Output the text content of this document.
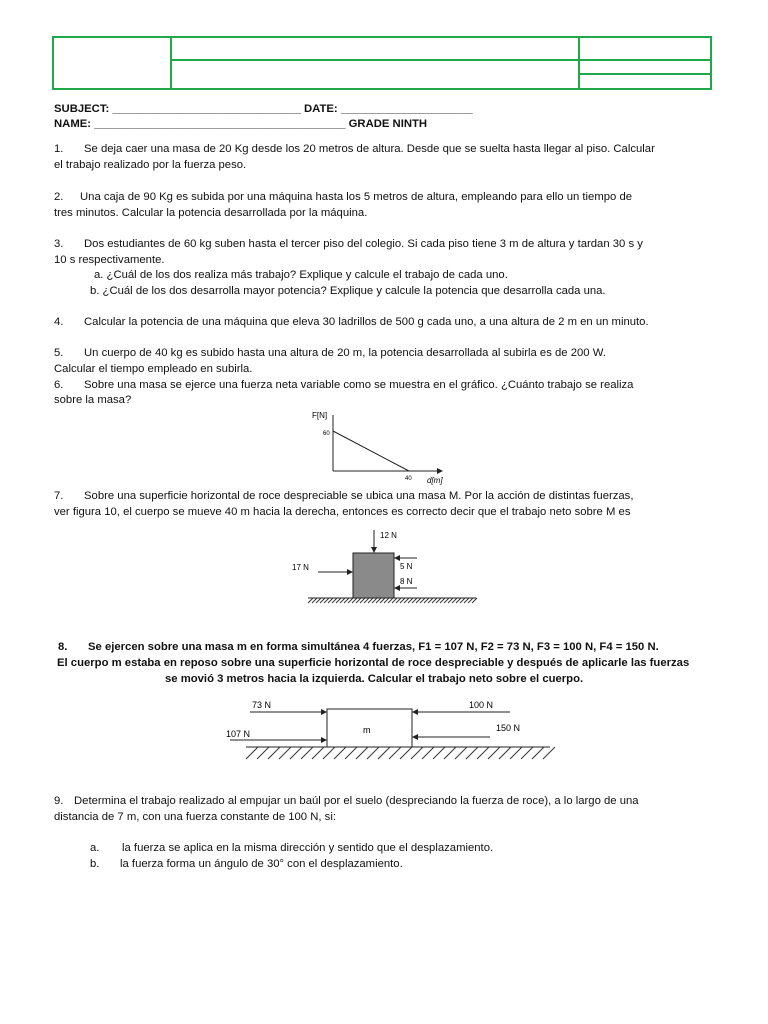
SUBJECT: ______________________________ DATE: _____________________
NAME: ________________________________________ GRADE NINTH
1. Se deja caer una masa de 20 Kg desde los 20 metros de altura. Desde que se suelta hasta llegar al piso. Calcular
el trabajo realizado por la fuerza peso.
2. Una caja de 90 Kg es subida por una máquina hasta los 5 metros de altura, empleando para ello un tiempo de
tres minutos. Calcular la potencia desarrollada por la máquina.
3. Dos estudiantes de 60 kg suben hasta el tercer piso del colegio. Si cada piso tiene 3 m de altura y tardan 30 s y
10 s respectivamente.
a. ¿Cuál de los dos realiza más trabajo? Explique y calcule el trabajo de cada uno.
b. ¿Cuál de los dos desarrolla mayor potencia? Explique y calcule la potencia que desarrolla cada una.
4. Calcular la potencia de una máquina que eleva 30 ladrillos de 500 g cada uno, a una altura de 2 m en un minuto.
5. Un cuerpo de 40 kg es subido hasta una altura de 20 m, la potencia desarrollada al subirla es de 200 W.
Calcular el tiempo empleado en subirla.
6. Sobre una masa se ejerce una fuerza neta variable como se muestra en el gráfico. ¿Cuánto trabajo se realiza
sobre la masa?
F[N]
60
40 d[m]
7. Sobre una superficie horizontal de roce despreciable se ubica una masa M. Por la acción de distintas fuerzas,
ver figura 10, el cuerpo se mueve 40 m hacia la derecha, entonces es correcto decir que el trabajo neto sobre M es
12 N
17 N	5 N
8 N
8. Se ejercen sobre una masa m en forma simultánea 4 fuerzas, F1 = 107 N, F2 = 73 N, F3 = 100 N, F4 = 150 N.
El cuerpo m estaba en reposo sobre una superficie horizontal de roce despreciable y después de aplicarle las fuerzas
se movió 3 metros hacia la izquierda. Calcular el trabajo neto sobre el cuerpo.
m
73 N
107 N
100 N
150 N
9. Determina el trabajo realizado al empujar un baúl por el suelo (despreciando la fuerza de roce), a lo largo de una
distancia de 7 m, con una fuerza constante de 100 N, si:
a. la fuerza se aplica en la misma dirección y sentido que el desplazamiento.
b. la fuerza forma un ángulo de 30° con el desplazamiento.
